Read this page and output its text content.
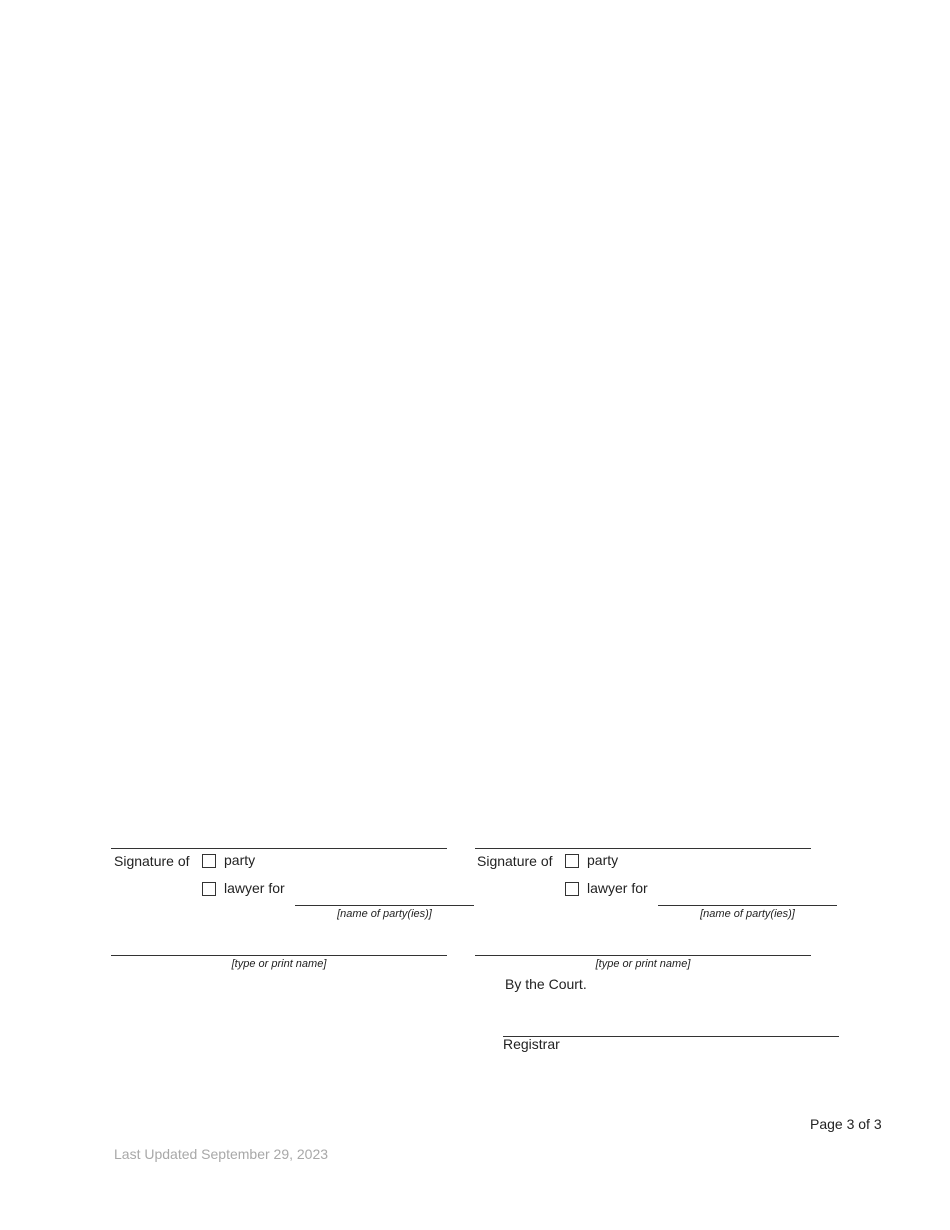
Signature of party
lawyer for
[name of party(ies)]
[type or print name]
Signature of party
lawyer for
[name of party(ies)]
[type or print name]
By the Court.
Registrar
Page 3 of 3
Last Updated September 29, 2023
